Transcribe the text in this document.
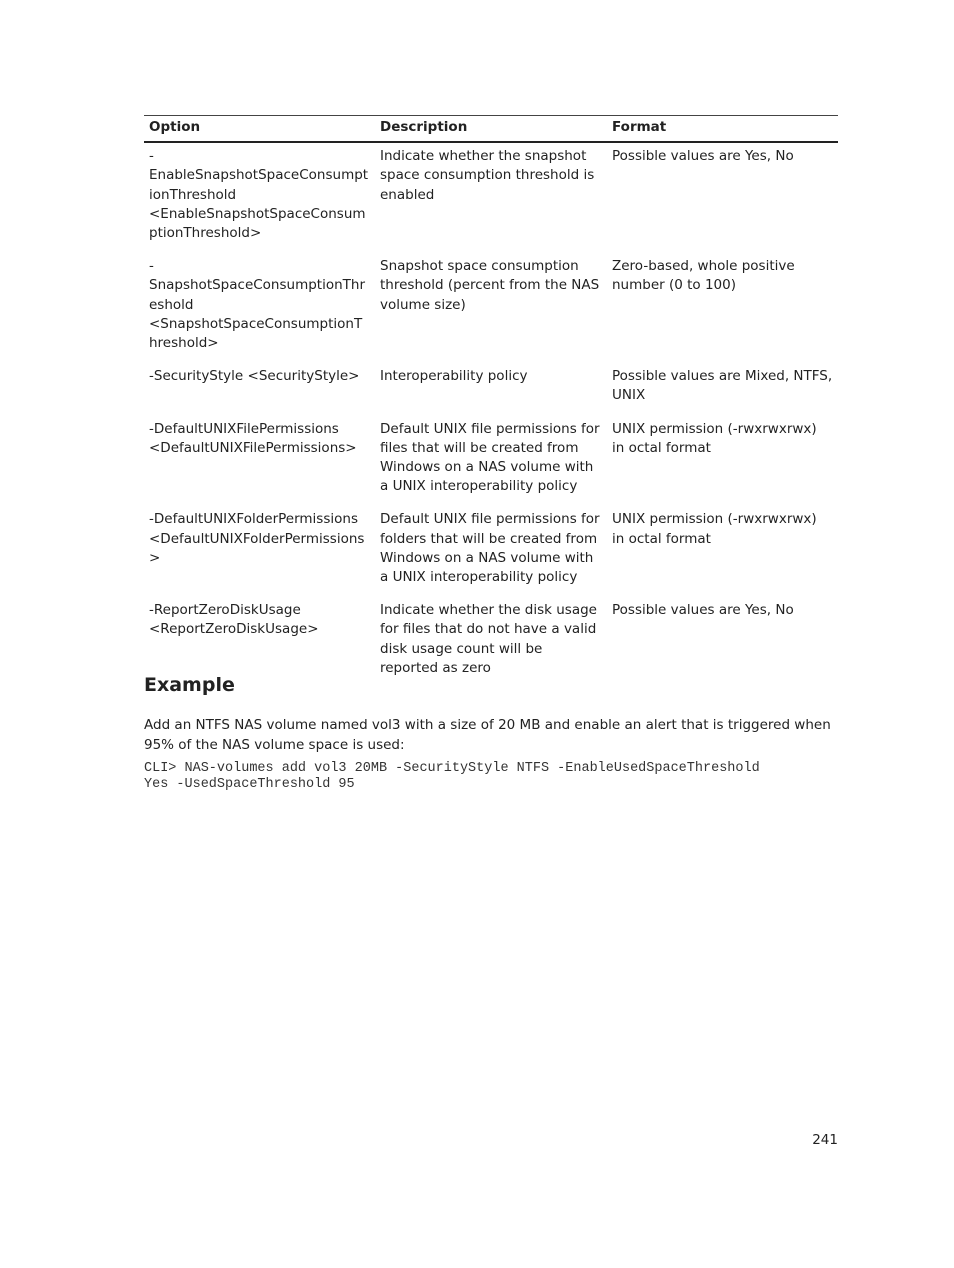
Option	Description	Format

-
EnableSnapshotSpaceConsumptionThreshold
<EnableSnapshotSpaceConsumptionThreshold>	Indicate whether the snapshot space consumption threshold is enabled	Possible values are Yes, No

-
SnapshotSpaceConsumptionThreshold
<SnapshotSpaceConsumptionThreshold>	Snapshot space consumption threshold (percent from the NAS volume size)	Zero-based, whole positive number (0 to 100)

-SecurityStyle <SecurityStyle>	Interoperability policy	Possible values are Mixed, NTFS, UNIX

-DefaultUNIXFilePermissions
<DefaultUNIXFilePermissions>	Default UNIX file permissions for files that will be created from Windows on a NAS volume with a UNIX interoperability policy	UNIX permission (-rwxrwxrwx) in octal format

-DefaultUNIXFolderPermissions
<DefaultUNIXFolderPermissions>	Default UNIX file permissions for folders that will be created from Windows on a NAS volume with a UNIX interoperability policy	UNIX permission (-rwxrwxrwx) in octal format

-ReportZeroDiskUsage
<ReportZeroDiskUsage>	Indicate whether the disk usage for files that do not have a valid disk usage count will be reported as zero	Possible values are Yes, No
Example

Add an NTFS NAS volume named vol3 with a size of 20 MB and enable an alert that is triggered when 95% of the NAS volume space is used:

CLI> NAS-volumes add vol3 20MB -SecurityStyle NTFS -EnableUsedSpaceThreshold
Yes -UsedSpaceThreshold 95
241
